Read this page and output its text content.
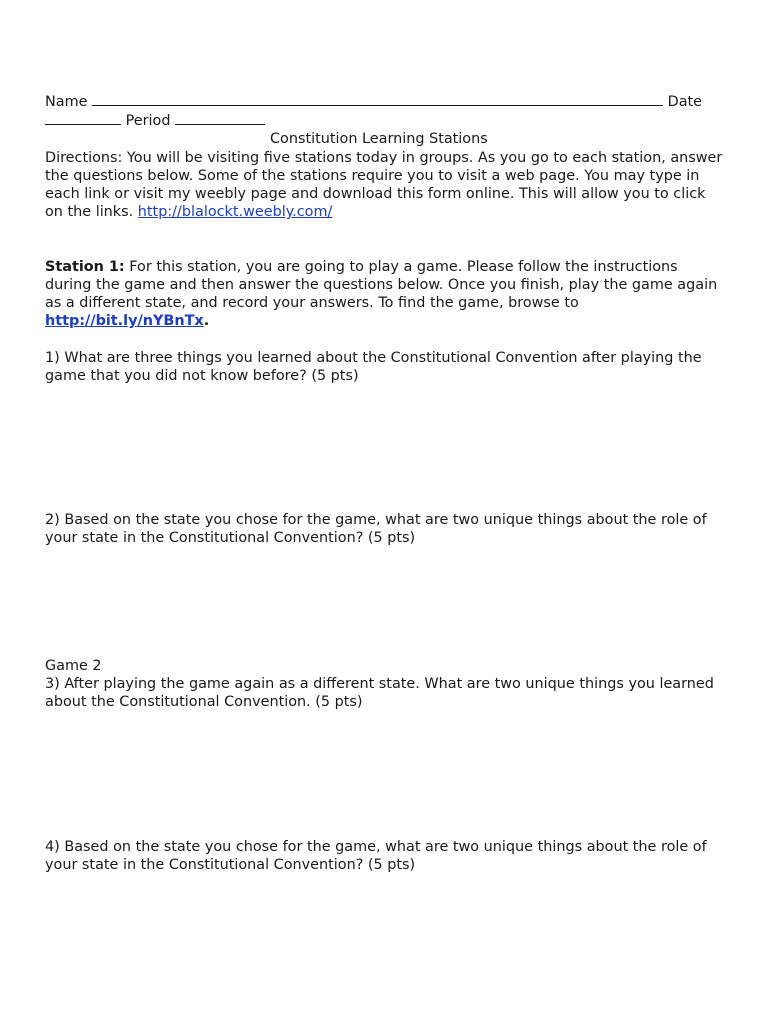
Name	Date
Period
Constitution Learning Stations
Directions: You will be visiting five stations today in groups. As you go to each station, answer the questions below. Some of the stations require you to visit a web page. You may type in each link or visit my weebly page and download this form online. This will allow you to click on the links. http://blalockt.weebly.com/
Station 1: For this station, you are going to play a game. Please follow the instructions during the game and then answer the questions below. Once you finish, play the game again as a different state, and record your answers. To find the game, browse to http://bit.ly/nYBnTx.
1) What are three things you learned about the Constitutional Convention after playing the game that you did not know before? (5 pts)
2) Based on the state you chose for the game, what are two unique things about the role of your state in the Constitutional Convention? (5 pts)
Game 2
3) After playing the game again as a different state. What are two unique things you learned about the Constitutional Convention. (5 pts)
4) Based on the state you chose for the game, what are two unique things about the role of your state in the Constitutional Convention? (5 pts)
